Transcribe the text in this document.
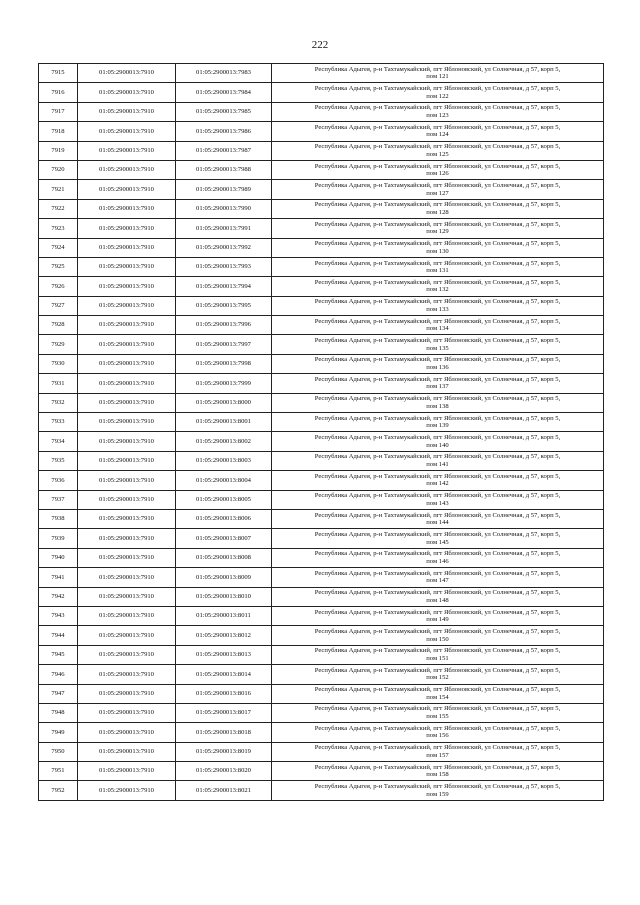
222
7915	01:05:2900013:7910	01:05:2900013:7983	Республика Адыгея, р-н Тахтамукайский, пгт Яблоновский, ул Солнечная, д 57, корп 5,
пом 121

7916	01:05:2900013:7910	01:05:2900013:7984	Республика Адыгея, р-н Тахтамукайский, пгт Яблоновский, ул Солнечная, д 57, корп 5,
пом 122

7917	01:05:2900013:7910	01:05:2900013:7985	Республика Адыгея, р-н Тахтамукайский, пгт Яблоновский, ул Солнечная, д 57, корп 5,
пом 123

7918	01:05:2900013:7910	01:05:2900013:7986	Республика Адыгея, р-н Тахтамукайский, пгт Яблоновский, ул Солнечная, д 57, корп 5,
пом 124

7919	01:05:2900013:7910	01:05:2900013:7987	Республика Адыгея, р-н Тахтамукайский, пгт Яблоновский, ул Солнечная, д 57, корп 5,
пом 125

7920	01:05:2900013:7910	01:05:2900013:7988	Республика Адыгея, р-н Тахтамукайский, пгт Яблоновский, ул Солнечная, д 57, корп 5,
пом 126

7921	01:05:2900013:7910	01:05:2900013:7989	Республика Адыгея, р-н Тахтамукайский, пгт Яблоновский, ул Солнечная, д 57, корп 5,
пом 127

7922	01:05:2900013:7910	01:05:2900013:7990	Республика Адыгея, р-н Тахтамукайский, пгт Яблоновский, ул Солнечная, д 57, корп 5,
пом 128

7923	01:05:2900013:7910	01:05:2900013:7991	Республика Адыгея, р-н Тахтамукайский, пгт Яблоновский, ул Солнечная, д 57, корп 5,
пом 129

7924	01:05:2900013:7910	01:05:2900013:7992	Республика Адыгея, р-н Тахтамукайский, пгт Яблоновский, ул Солнечная, д 57, корп 5,
пом 130

7925	01:05:2900013:7910	01:05:2900013:7993	Республика Адыгея, р-н Тахтамукайский, пгт Яблоновский, ул Солнечная, д 57, корп 5,
пом 131

7926	01:05:2900013:7910	01:05:2900013:7994	Республика Адыгея, р-н Тахтамукайский, пгт Яблоновский, ул Солнечная, д 57, корп 5,
пом 132

7927	01:05:2900013:7910	01:05:2900013:7995	Республика Адыгея, р-н Тахтамукайский, пгт Яблоновский, ул Солнечная, д 57, корп 5,
пом 133

7928	01:05:2900013:7910	01:05:2900013:7996	Республика Адыгея, р-н Тахтамукайский, пгт Яблоновский, ул Солнечная, д 57, корп 5,
пом 134

7929	01:05:2900013:7910	01:05:2900013:7997	Республика Адыгея, р-н Тахтамукайский, пгт Яблоновский, ул Солнечная, д 57, корп 5,
пом 135

7930	01:05:2900013:7910	01:05:2900013:7998	Республика Адыгея, р-н Тахтамукайский, пгт Яблоновский, ул Солнечная, д 57, корп 5,
пом 136

7931	01:05:2900013:7910	01:05:2900013:7999	Республика Адыгея, р-н Тахтамукайский, пгт Яблоновский, ул Солнечная, д 57, корп 5,
пом 137

7932	01:05:2900013:7910	01:05:2900013:8000	Республика Адыгея, р-н Тахтамукайский, пгт Яблоновский, ул Солнечная, д 57, корп 5,
пом 138

7933	01:05:2900013:7910	01:05:2900013:8001	Республика Адыгея, р-н Тахтамукайский, пгт Яблоновский, ул Солнечная, д 57, корп 5,
пом 139

7934	01:05:2900013:7910	01:05:2900013:8002	Республика Адыгея, р-н Тахтамукайский, пгт Яблоновский, ул Солнечная, д 57, корп 5,
пом 140

7935	01:05:2900013:7910	01:05:2900013:8003	Республика Адыгея, р-н Тахтамукайский, пгт Яблоновский, ул Солнечная, д 57, корп 5,
пом 141

7936	01:05:2900013:7910	01:05:2900013:8004	Республика Адыгея, р-н Тахтамукайский, пгт Яблоновский, ул Солнечная, д 57, корп 5,
пом 142

7937	01:05:2900013:7910	01:05:2900013:8005	Республика Адыгея, р-н Тахтамукайский, пгт Яблоновский, ул Солнечная, д 57, корп 5,
пом 143

7938	01:05:2900013:7910	01:05:2900013:8006	Республика Адыгея, р-н Тахтамукайский, пгт Яблоновский, ул Солнечная, д 57, корп 5,
пом 144

7939	01:05:2900013:7910	01:05:2900013:8007	Республика Адыгея, р-н Тахтамукайский, пгт Яблоновский, ул Солнечная, д 57, корп 5,
пом 145

7940	01:05:2900013:7910	01:05:2900013:8008	Республика Адыгея, р-н Тахтамукайский, пгт Яблоновский, ул Солнечная, д 57, корп 5,
пом 146

7941	01:05:2900013:7910	01:05:2900013:8009	Республика Адыгея, р-н Тахтамукайский, пгт Яблоновский, ул Солнечная, д 57, корп 5,
пом 147

7942	01:05:2900013:7910	01:05:2900013:8010	Республика Адыгея, р-н Тахтамукайский, пгт Яблоновский, ул Солнечная, д 57, корп 5,
пом 148

7943	01:05:2900013:7910	01:05:2900013:8011	Республика Адыгея, р-н Тахтамукайский, пгт Яблоновский, ул Солнечная, д 57, корп 5,
пом 149

7944	01:05:2900013:7910	01:05:2900013:8012	Республика Адыгея, р-н Тахтамукайский, пгт Яблоновский, ул Солнечная, д 57, корп 5,
пом 150

7945	01:05:2900013:7910	01:05:2900013:8013	Республика Адыгея, р-н Тахтамукайский, пгт Яблоновский, ул Солнечная, д 57, корп 5,
пом 151

7946	01:05:2900013:7910	01:05:2900013:8014	Республика Адыгея, р-н Тахтамукайский, пгт Яблоновский, ул Солнечная, д 57, корп 5,
пом 152

7947	01:05:2900013:7910	01:05:2900013:8016	Республика Адыгея, р-н Тахтамукайский, пгт Яблоновский, ул Солнечная, д 57, корп 5,
пом 154

7948	01:05:2900013:7910	01:05:2900013:8017	Республика Адыгея, р-н Тахтамукайский, пгт Яблоновский, ул Солнечная, д 57, корп 5,
пом 155

7949	01:05:2900013:7910	01:05:2900013:8018	Республика Адыгея, р-н Тахтамукайский, пгт Яблоновский, ул Солнечная, д 57, корп 5,
пом 156

7950	01:05:2900013:7910	01:05:2900013:8019	Республика Адыгея, р-н Тахтамукайский, пгт Яблоновский, ул Солнечная, д 57, корп 5,
пом 157

7951	01:05:2900013:7910	01:05:2900013:8020	Республика Адыгея, р-н Тахтамукайский, пгт Яблоновский, ул Солнечная, д 57, корп 5,
пом 158

7952	01:05:2900013:7910	01:05:2900013:8021	Республика Адыгея, р-н Тахтамукайский, пгт Яблоновский, ул Солнечная, д 57, корп 5,
пом 159
